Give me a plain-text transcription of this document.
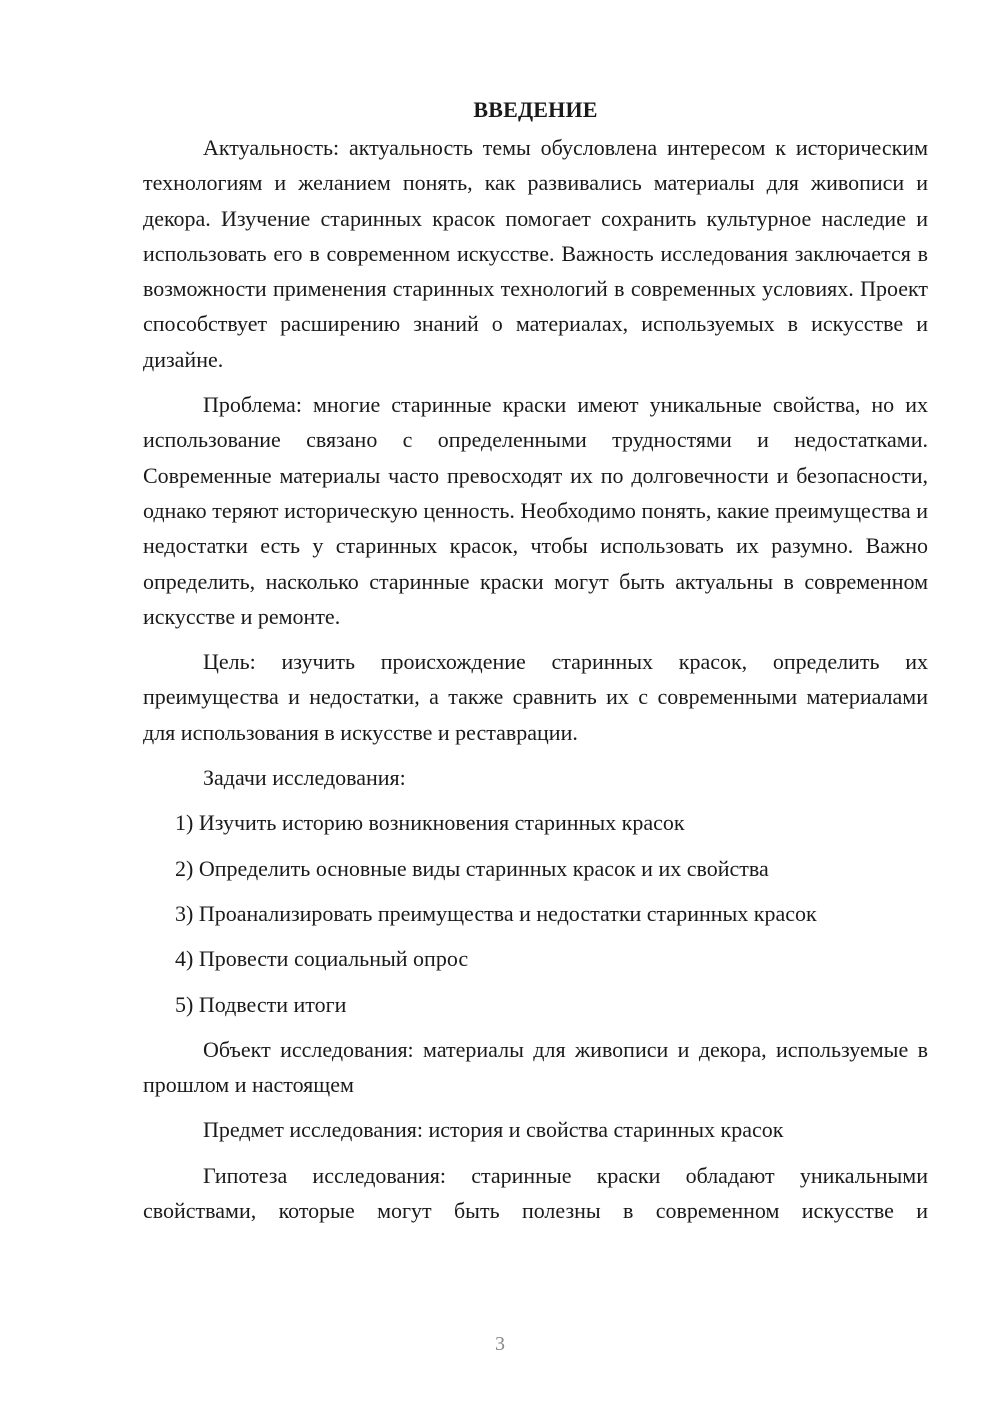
ВВЕДЕНИЕ

Актуальность: актуальность темы обусловлена интересом к историческим технологиям и желанием понять, как развивались материалы для живописи и декора. Изучение старинных красок помогает сохранить культурное наследие и использовать его в современном искусстве. Важность исследования заключается в возможности применения старинных технологий в современных условиях. Проект способствует расширению знаний о материалах, используемых в искусстве и дизайне.

Проблема: многие старинные краски имеют уникальные свойства, но их использование связано с определенными трудностями и недостатками. Современные материалы часто превосходят их по долговечности и безопасности, однако теряют историческую ценность. Необходимо понять, какие преимущества и недостатки есть у старинных красок, чтобы использовать их разумно. Важно определить, насколько старинные краски могут быть актуальны в современном искусстве и ремонте.

Цель: изучить происхождение старинных красок, определить их преимущества и недостатки, а также сравнить их с современными материалами для использования в искусстве и реставрации.

Задачи исследования:
1) Изучить историю возникновения старинных красок
2) Определить основные виды старинных красок и их свойства
3) Проанализировать преимущества и недостатки старинных красок
4) Провести социальный опрос
5) Подвести итоги

Объект исследования: материалы для живописи и декора, используемые в прошлом и настоящем

Предмет исследования: история и свойства старинных красок

Гипотеза исследования: старинные краски обладают уникальными свойствами, которые могут быть полезны в современном искусстве и

3
